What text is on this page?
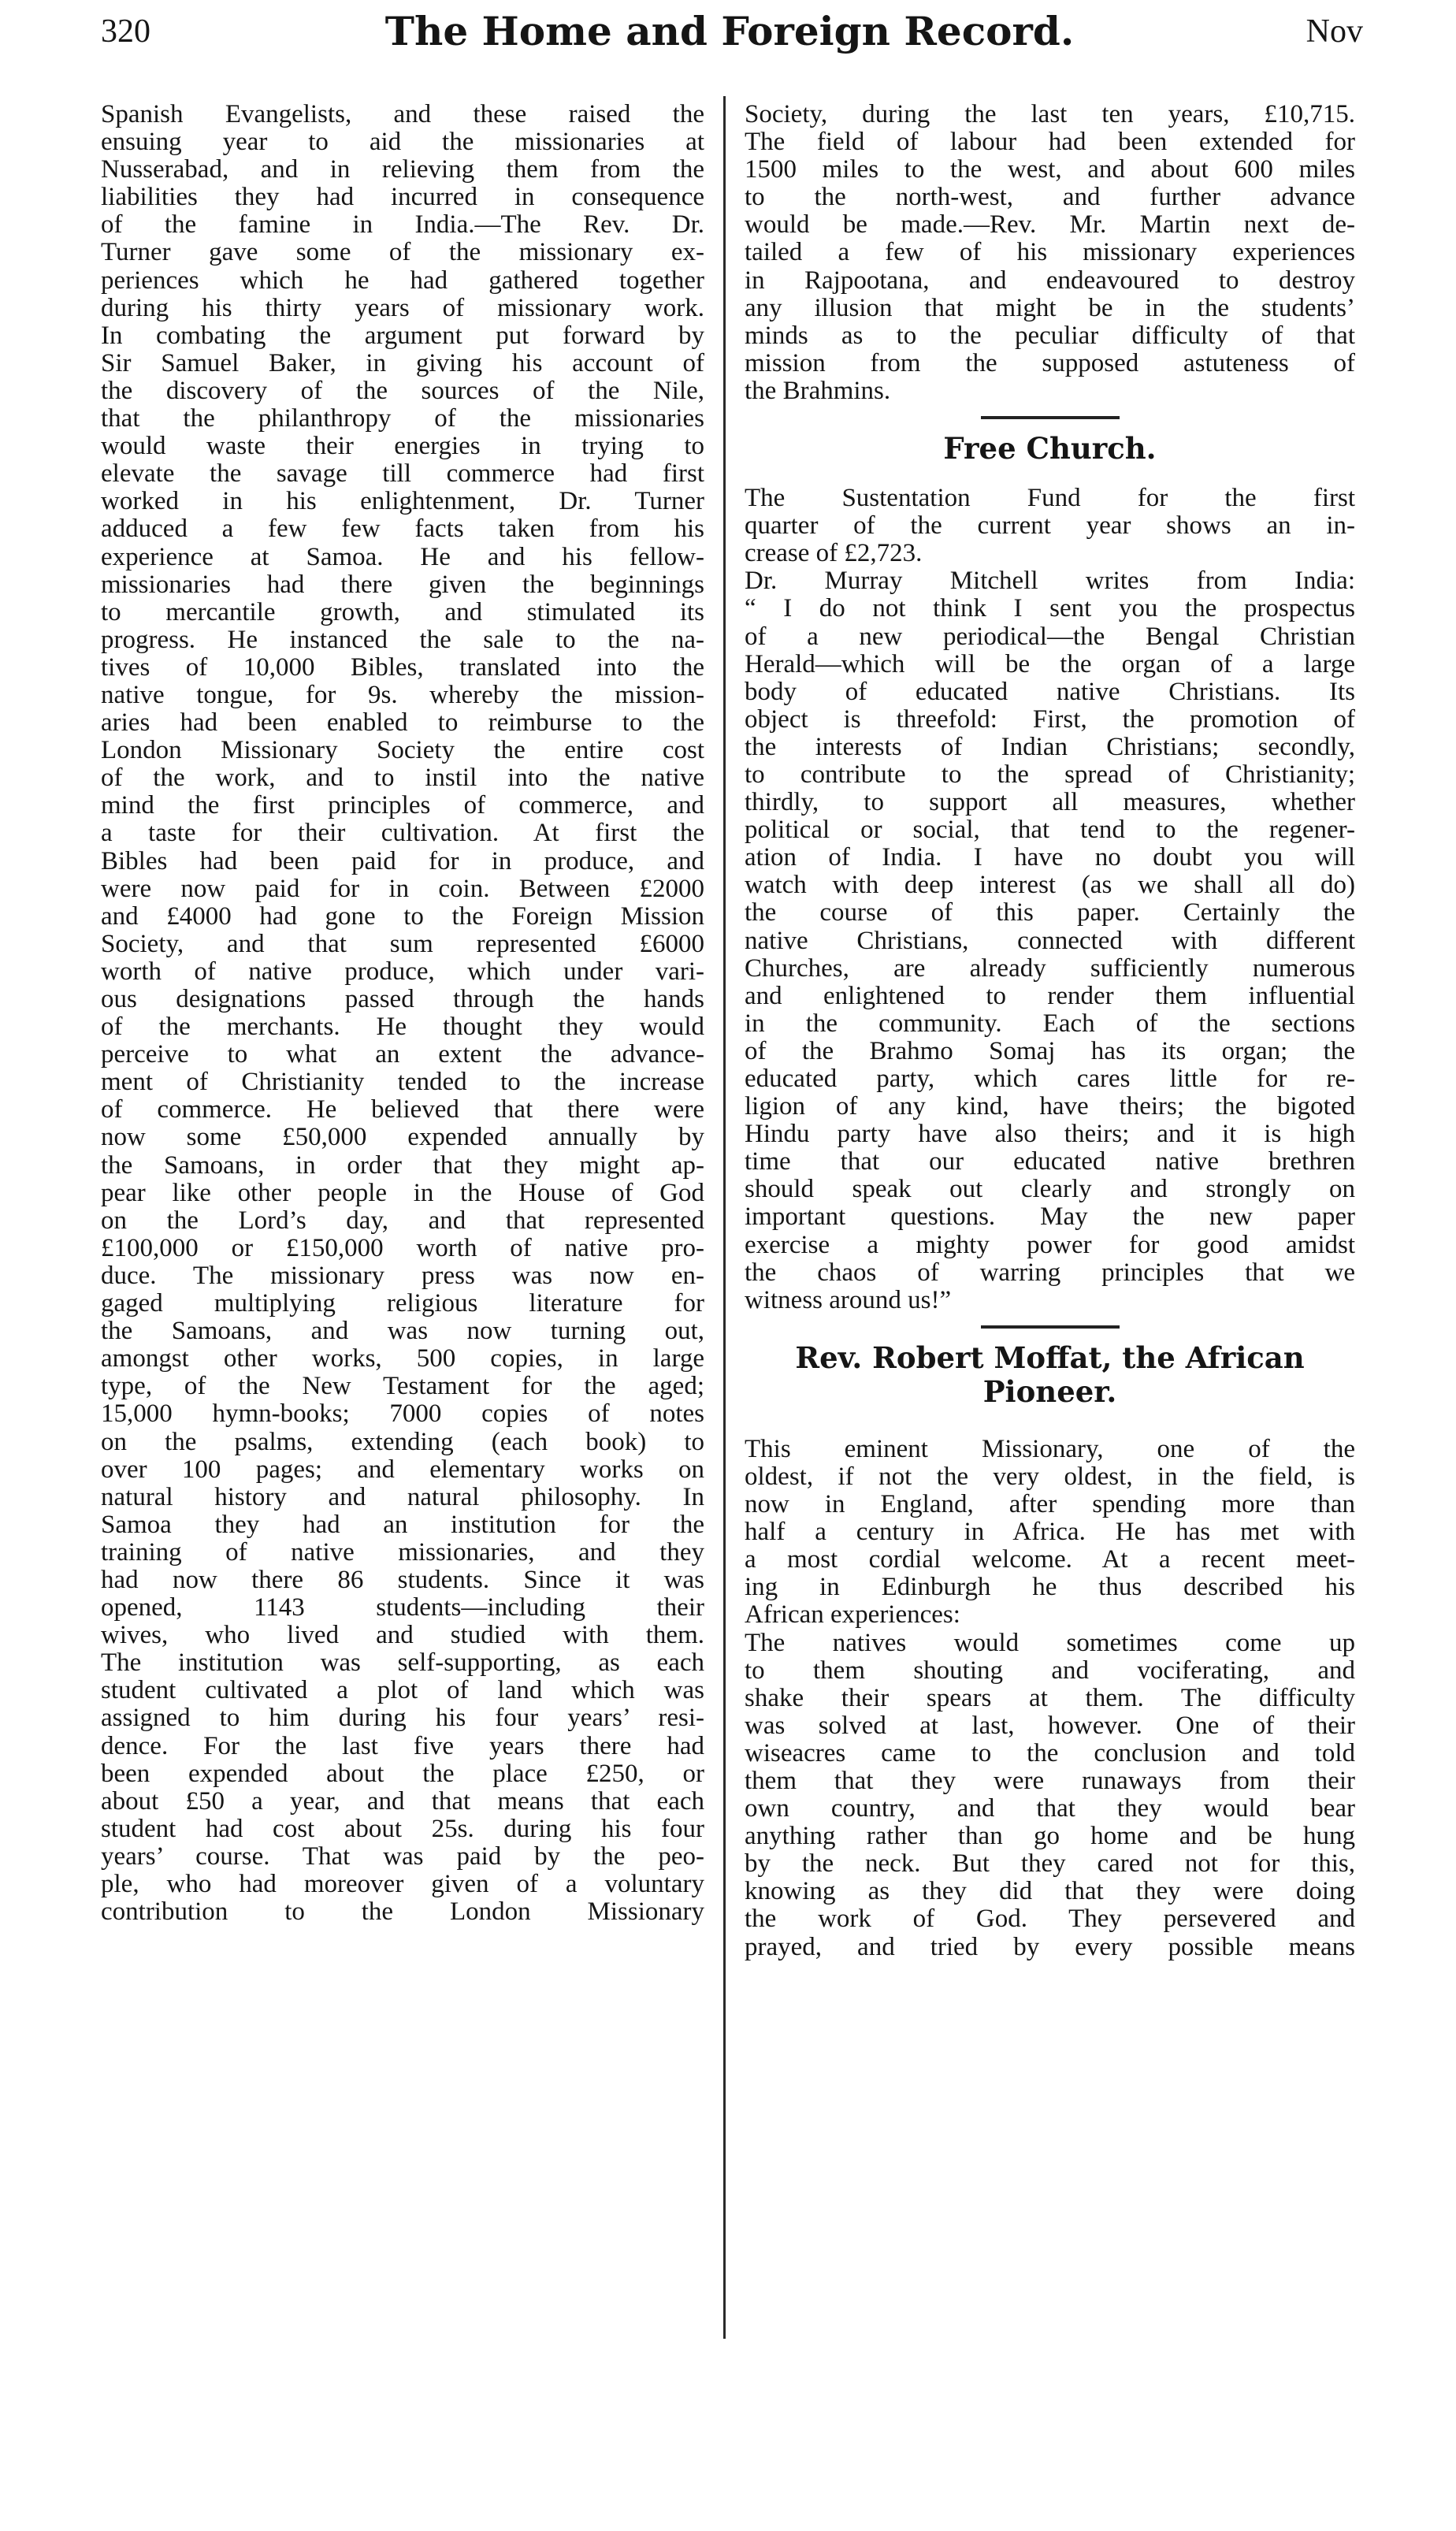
320	The Home and Foreign Record.	Nov
Spanish Evangelists, and these raised the
ensuing year to aid the missionaries at
Nusserabad, and in relieving them from the
liabilities they had incurred in consequence
of the famine in India.—The Rev. Dr.
Turner gave some of the missionary ex-
periences which he had gathered together
during his thirty years of missionary work.
In combating the argument put forward by
Sir Samuel Baker, in giving his account of
the discovery of the sources of the Nile,
that the philanthropy of the missionaries
would waste their energies in trying to
elevate the savage till commerce had first
worked in his enlightenment, Dr. Turner
adduced a few few facts taken from his
experience at Samoa. He and his fellow-
missionaries had there given the beginnings
to mercantile growth, and stimulated its
progress. He instanced the sale to the na-
tives of 10,000 Bibles, translated into the
native tongue, for 9s. whereby the mission-
aries had been enabled to reimburse to the
London Missionary Society the entire cost
of the work, and to instil into the native
mind the first principles of commerce, and
a taste for their cultivation. At first the
Bibles had been paid for in produce, and
were now paid for in coin. Between £2000
and £4000 had gone to the Foreign Mission
Society, and that sum represented £6000
worth of native produce, which under vari-
ous designations passed through the hands
of the merchants. He thought they would
perceive to what an extent the advance-
ment of Christianity tended to the increase
of commerce. He believed that there were
now some £50,000 expended annually by
the Samoans, in order that they might ap-
pear like other people in the House of God
on the Lord’s day, and that represented
£100,000 or £150,000 worth of native pro-
duce. The missionary press was now en-
gaged multiplying religious literature for
the Samoans, and was now turning out,
amongst other works, 500 copies, in large
type, of the New Testament for the aged;
15,000 hymn-books; 7000 copies of notes
on the psalms, extending (each book) to
over 100 pages; and elementary works on
natural history and natural philosophy. In
Samoa they had an institution for the
training of native missionaries, and they
had now there 86 students. Since it was
opened, 1143 students—including their
wives, who lived and studied with them.
The institution was self-supporting, as each
student cultivated a plot of land which was
assigned to him during his four years’ resi-
dence. For the last five years there had
been expended about the place £250, or
about £50 a year, and that means that each
student had cost about 25s. during his four
years’ course. That was paid by the peo-
ple, who had moreover given of a voluntary
contribution to the London Missionary
Society, during the last ten years, £10,715.
The field of labour had been extended for
1500 miles to the west, and about 600 miles
to the north-west, and further advance
would be made.—Rev. Mr. Martin next de-
tailed a few of his missionary experiences
in Rajpootana, and endeavoured to destroy
any illusion that might be in the students’
minds as to the peculiar difficulty of that
mission from the supposed astuteness of
the Brahmins.
Free Church.
The Sustentation Fund for the first
quarter of the current year shows an in-
crease of £2,723.
Dr. Murray Mitchell writes from India:
“ I do not think I sent you the prospectus
of a new periodical—the Bengal Christian
Herald—which will be the organ of a large
body of educated native Christians. Its
object is threefold: First, the promotion of
the interests of Indian Christians; secondly,
to contribute to the spread of Christianity;
thirdly, to support all measures, whether
political or social, that tend to the regener-
ation of India. I have no doubt you will
watch with deep interest (as we shall all do)
the course of this paper. Certainly the
native Christians, connected with different
Churches, are already sufficiently numerous
and enlightened to render them influential
in the community. Each of the sections
of the Brahmo Somaj has its organ; the
educated party, which cares little for re-
ligion of any kind, have theirs; the bigoted
Hindu party have also theirs; and it is high
time that our educated native brethren
should speak out clearly and strongly on
important questions. May the new paper
exercise a mighty power for good amidst
the chaos of warring principles that we
witness around us!”
Rev. Robert Moffat, the African
Pioneer.
This eminent Missionary, one of the
oldest, if not the very oldest, in the field, is
now in England, after spending more than
half a century in Africa. He has met with
a most cordial welcome. At a recent meet-
ing in Edinburgh he thus described his
African experiences:
The natives would sometimes come up
to them shouting and vociferating, and
shake their spears at them. The difficulty
was solved at last, however. One of their
wiseacres came to the conclusion and told
them that they were runaways from their
own country, and that they would bear
anything rather than go home and be hung
by the neck. But they cared not for this,
knowing as they did that they were doing
the work of God. They persevered and
prayed, and tried by every possible means
